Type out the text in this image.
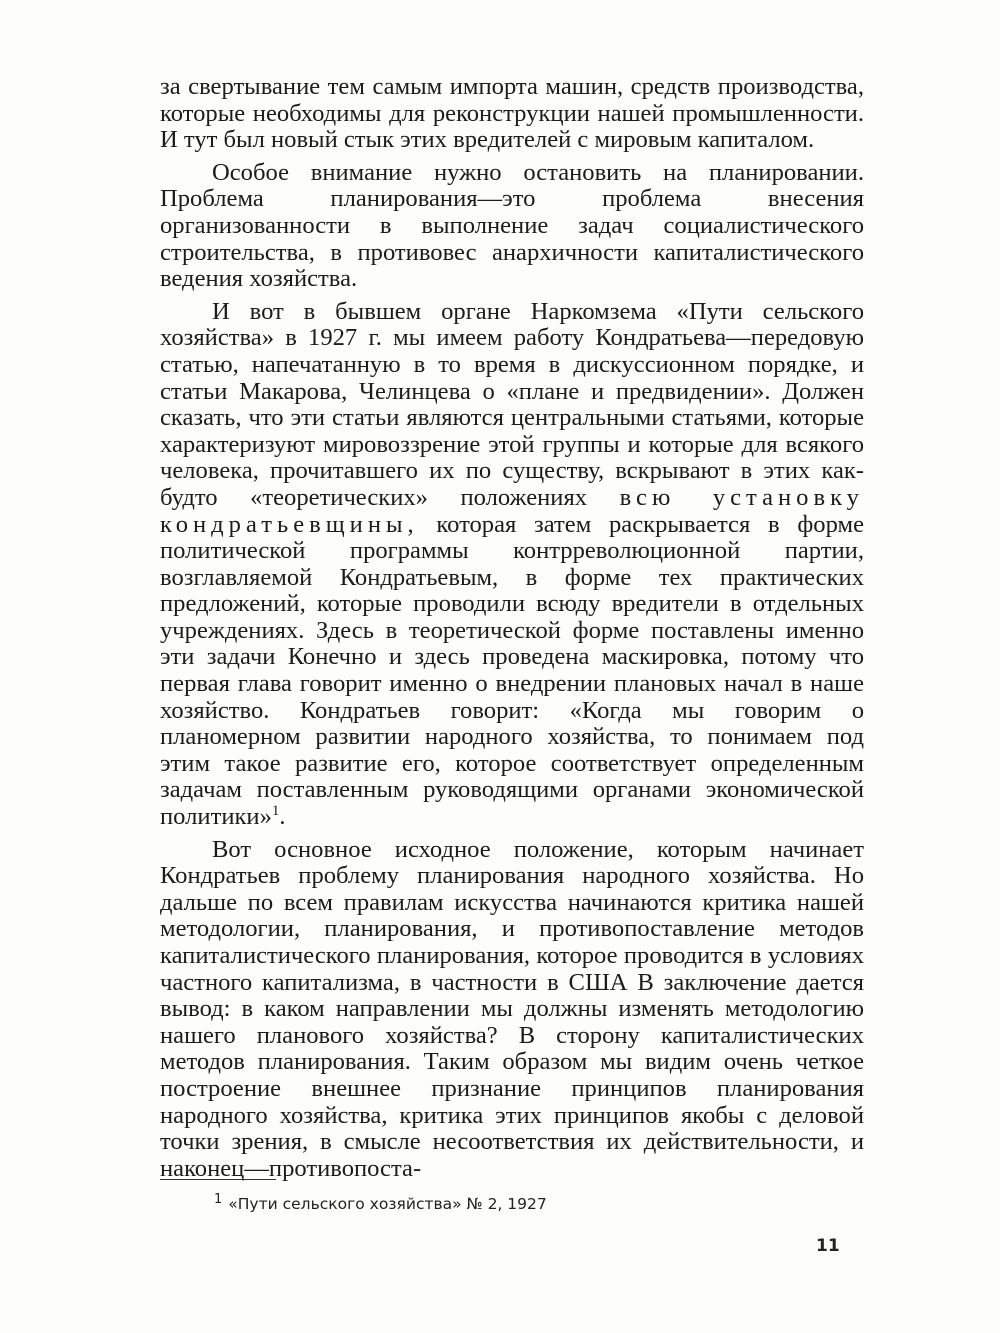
за свертывание тем самым импорта машин, средств производства, которые необходимы для реконструкции нашей промышленности. И тут был новый стык этих вредителей с мировым капиталом.

Особое внимание нужно остановить на планировании. Проблема планирования—это проблема внесения организованности в выполнение задач социалистического строительства, в противовес анархичности капиталистического ведения хозяйства.

И вот в бывшем органе Наркомзема «Пути сельского хозяйства» в 1927 г. мы имеем работу Кондратьева—передовую статью, напечатанную в то время в дискуссионном порядке, и статьи Макарова, Челинцева о «плане и предвидении». Должен сказать, что эти статьи являются центральными статьями, которые характеризуют мировоззрение этой группы и которые для всякого человека, прочитавшего их по существу, вскрывают в этих как-будто «теоретических» положениях всю установку кондратьевщины, которая затем раскрывается в форме политической программы контрреволюционной партии, возглавляемой Кондратьевым, в форме тех практических предложений, которые проводили всюду вредители в отдельных учреждениях. Здесь в теоретической форме поставлены именно эти задачи Конечно и здесь проведена маскировка, потому что первая глава говорит именно о внедрении плановых начал в наше хозяйство. Кондратьев говорит: «Когда мы говорим о планомерном развитии народного хозяйства, то понимаем под этим такое развитие его, которое соответствует определенным задачам поставленным руководящими органами экономической политики»$^1$.

Вот основное исходное положение, которым начинает Кондратьев проблему планирования народного хозяйства. Но дальше по всем правилам искусства начинаются критика нашей методологии, планирования, и противопоставление методов капиталистического планирования, которое проводится в условиях частного капитализма, в частности в США В заключение дается вывод: в каком направлении мы должны изменять методологию нашего планового хозяйства? В сторону капиталистических методов планирования. Таким образом мы видим очень четкое построение внешнее признание принципов планирования народного хозяйства, критика этих принципов якобы с деловой точки зрения, в смысле несоответствия их действительности, и наконец—противопоста-

$^1$ «Пути сельского хозяйства» № 2, 1927
11
